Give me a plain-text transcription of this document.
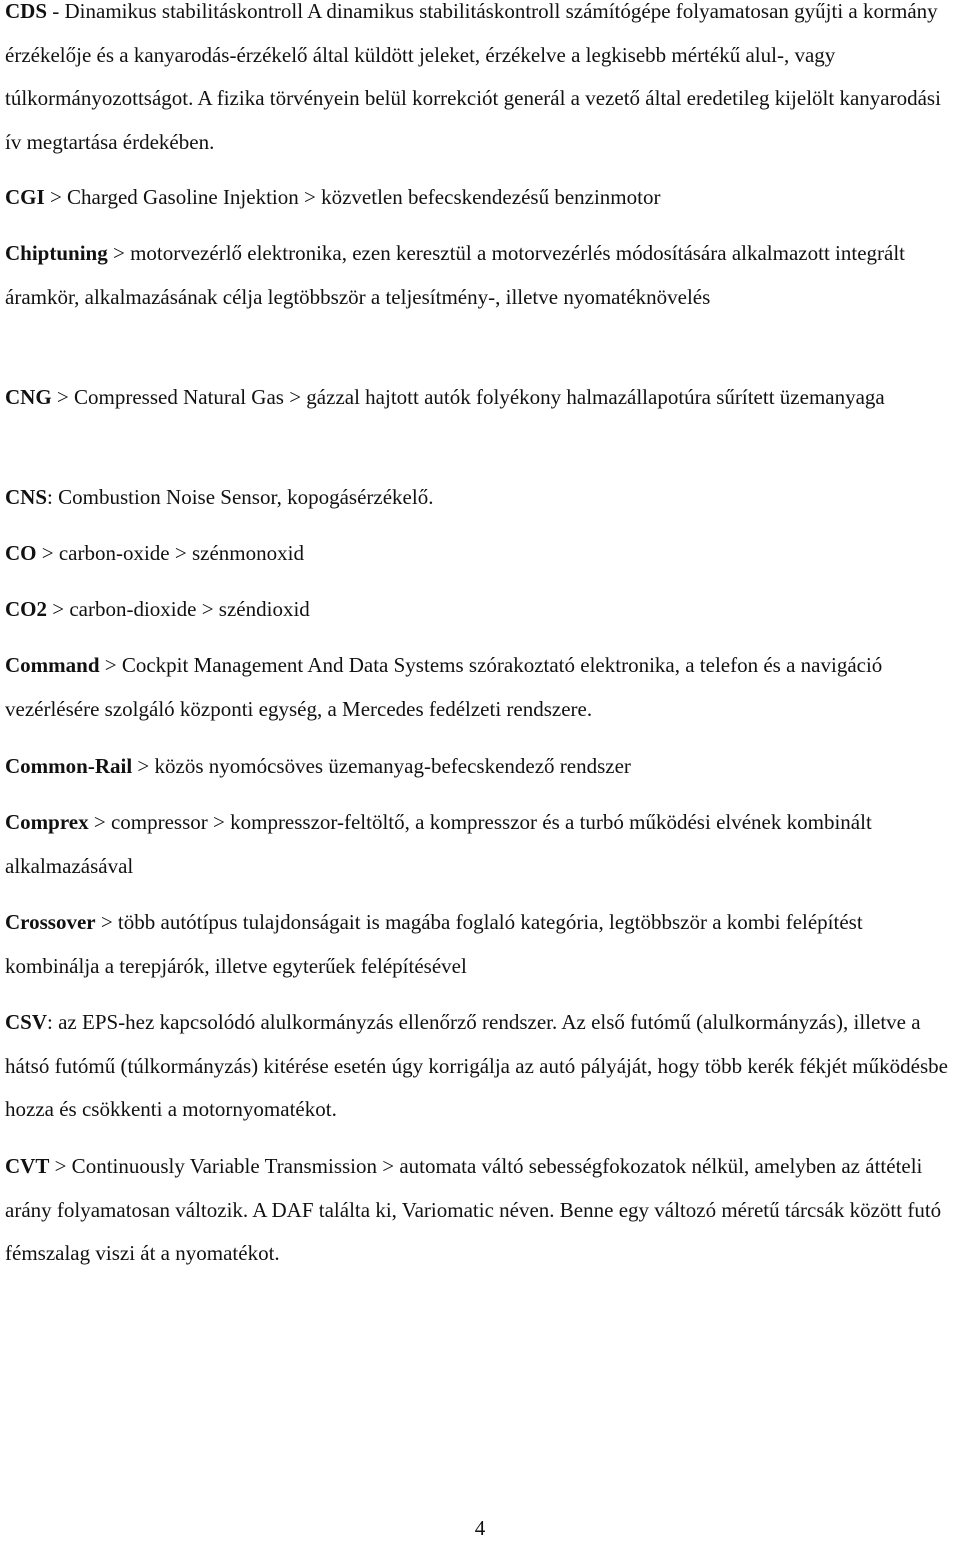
CDS - Dinamikus stabilitáskontroll A dinamikus stabilitáskontroll számítógépe folyamatosan gyűjti a kormány érzékelője és a kanyarodás-érzékelő által küldött jeleket, érzékelve a legkisebb mértékű alul-, vagy túlkormányozottságot. A fizika törvényein belül korrekciót generál a vezető által eredetileg kijelölt kanyarodási ív megtartása érdekében.

CGI > Charged Gasoline Injektion > közvetlen befecskendezésű benzinmotor

Chiptuning > motorvezérlő elektronika, ezen keresztül a motorvezérlés módosítására alkalmazott integrált áramkör, alkalmazásának célja legtöbbször a teljesítmény-, illetve nyomatéknövelés

CNG > Compressed Natural Gas > gázzal hajtott autók folyékony halmazállapotúra sűrített üzemanyaga

CNS: Combustion Noise Sensor, kopogásérzékelő.

CO > carbon-oxide > szénmonoxid

CO2 > carbon-dioxide > széndioxid

Command > Cockpit Management And Data Systems szórakoztató elektronika, a telefon és a navigáció vezérlésére szolgáló központi egység, a Mercedes fedélzeti rendszere.

Common-Rail > közös nyomócsöves üzemanyag-befecskendező rendszer

Comprex > compressor > kompresszor-feltöltő, a kompresszor és a turbó működési elvének kombinált alkalmazásával

Crossover > több autótípus tulajdonságait is magába foglaló kategória, legtöbbször a kombi felépítést kombinálja a terepjárók, illetve egyterűek felépítésével

CSV: az EPS-hez kapcsolódó alulkormányzás ellenőrző rendszer. Az első futómű (alulkormányzás), illetve a hátsó futómű (túlkormányzás) kitérése esetén úgy korrigálja az autó pályáját, hogy több kerék fékjét működésbe hozza és csökkenti a motornyomatékot.

CVT > Continuously Variable Transmission > automata váltó sebességfokozatok nélkül, amelyben az áttételi arány folyamatosan változik. A DAF találta ki, Variomatic néven. Benne egy változó méretű tárcsák között futó fémszalag viszi át a nyomatékot.

4
